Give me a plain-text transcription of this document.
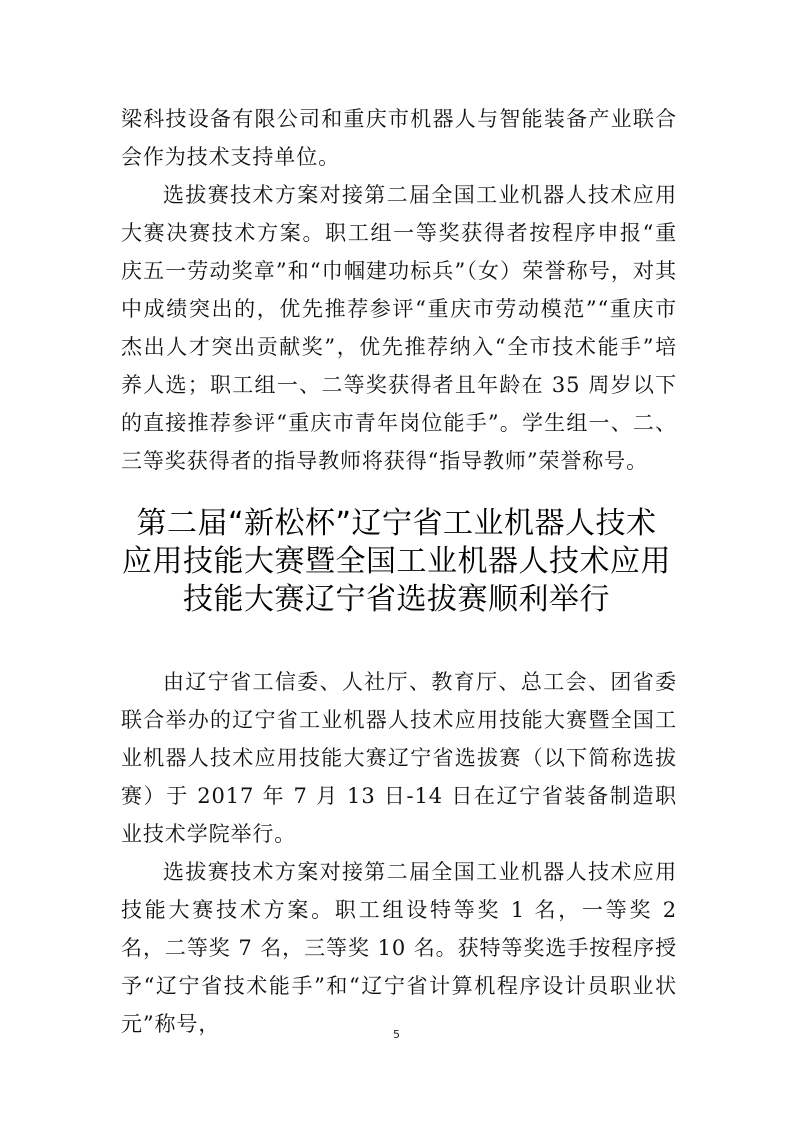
梁科技设备有限公司和重庆市机器人与智能装备产业联合会作为技术支持单位。

选拔赛技术方案对接第二届全国工业机器人技术应用大赛决赛技术方案。职工组一等奖获得者按程序申报“重庆五一劳动奖章”和“巾帼建功标兵”（女）荣誉称号，对其中成绩突出的，优先推荐参评“重庆市劳动模范”“重庆市杰出人才突出贡献奖”，优先推荐纳入“全市技术能手”培养人选；职工组一、二等奖获得者且年龄在 35 周岁以下的直接推荐参评“重庆市青年岗位能手”。学生组一、二、三等奖获得者的指导教师将获得“指导教师”荣誉称号。

第二届“新松杯”辽宁省工业机器人技术
应用技能大赛暨全国工业机器人技术应用
技能大赛辽宁省选拔赛顺利举行

由辽宁省工信委、人社厅、教育厅、总工会、团省委联合举办的辽宁省工业机器人技术应用技能大赛暨全国工业机器人技术应用技能大赛辽宁省选拔赛（以下简称选拔赛）于 2017 年 7 月 13 日-14 日在辽宁省装备制造职业技术学院举行。

选拔赛技术方案对接第二届全国工业机器人技术应用技能大赛技术方案。职工组设特等奖 1 名，一等奖 2 名，二等奖 7 名，三等奖 10 名。获特等奖选手按程序授予“辽宁省技术能手”和“辽宁省计算机程序设计员职业状元”称号，	5
